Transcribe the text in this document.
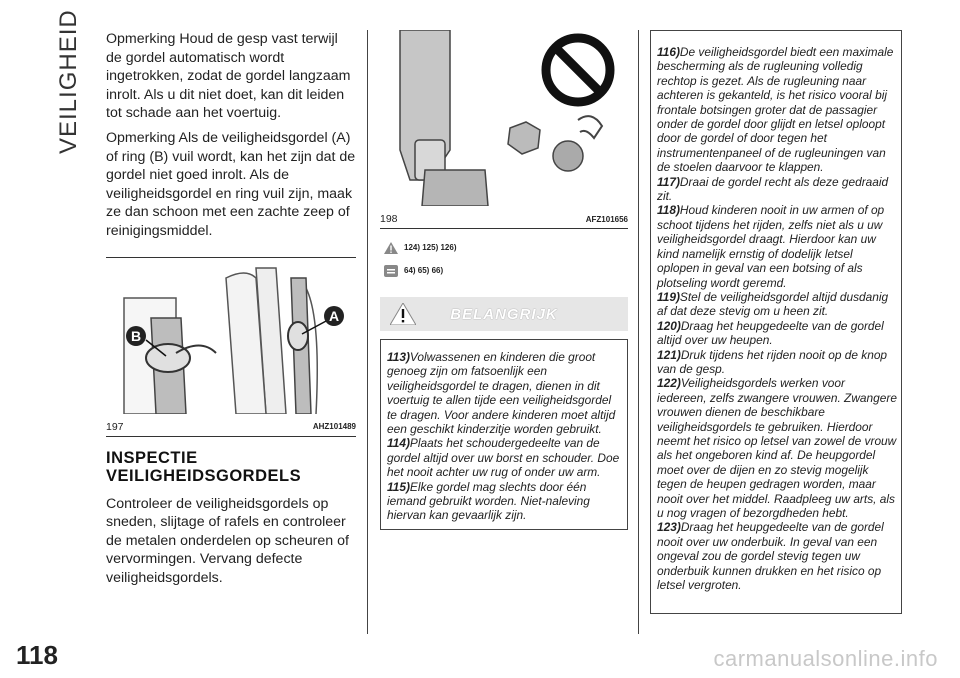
VEILIGHEID
118

Opmerking Houd de gesp vast terwijl de gordel automatisch wordt ingetrokken, zodat de gordel langzaam inrolt. Als u dit niet doet, kan dit leiden tot schade aan het voertuig.

Opmerking Als de veiligheidsgordel (A) of ring (B) vuil wordt, kan het zijn dat de gordel niet goed inrolt. Als de veiligheidsgordel en ring vuil zijn, maak ze dan schoon met een zachte zeep of reinigingsmiddel.

B
A
197	AHZ101489
INSPECTIE VEILIGHEIDSGORDELS

Controleer de veiligheidsgordels op sneden, slijtage of rafels en controleer de metalen onderdelen op scheuren of vervormingen. Vervang defecte veiligheidsgordels.

198	AFZ101656
124) 125) 126)
64) 65) 66)
BELANGRIJK

113)Volwassenen en kinderen die groot genoeg zijn om fatsoenlijk een veiligheidsgordel te dragen, dienen in dit voertuig te allen tijde een veiligheidsgordel te dragen. Voor andere kinderen moet altijd een geschikt kinderzitje worden gebruikt.

114)Plaats het schoudergedeelte van de gordel altijd over uw borst en schouder. Doe het nooit achter uw rug of onder uw arm.

115)Elke gordel mag slechts door één iemand gebruikt worden. Niet-naleving hiervan kan gevaarlijk zijn.

116)De veiligheidsgordel biedt een maximale bescherming als de rugleuning volledig rechtop is gezet. Als de rugleuning naar achteren is gekanteld, is het risico vooral bij frontale botsingen groter dat de passagier onder de gordel door glijdt en letsel oploopt door de gordel of door tegen het instrumentenpaneel of de rugleuningen van de stoelen daarvoor te klappen.

117)Draai de gordel recht als deze gedraaid zit.

118)Houd kinderen nooit in uw armen of op schoot tijdens het rijden, zelfs niet als u uw veiligheidsgordel draagt. Hierdoor kan uw kind namelijk ernstig of dodelijk letsel oplopen in geval van een botsing of als plotseling wordt geremd.

119)Stel de veiligheidsgordel altijd dusdanig af dat deze stevig om u heen zit.

120)Draag het heupgedeelte van de gordel altijd over uw heupen.

121)Druk tijdens het rijden nooit op de knop van de gesp.

122)Veiligheidsgordels werken voor iedereen, zelfs zwangere vrouwen. Zwangere vrouwen dienen de beschikbare veiligheidsgordels te gebruiken. Hierdoor neemt het risico op letsel van zowel de vrouw als het ongeboren kind af. De heupgordel moet over de dijen en zo stevig mogelijk tegen de heupen gedragen worden, maar nooit over het middel. Raadpleeg uw arts, als u nog vragen of bezorgdheden hebt.

123)Draag het heupgedeelte van de gordel nooit over uw onderbuik. In geval van een ongeval zou de gordel stevig tegen uw onderbuik kunnen drukken en het risico op letsel vergroten.

carmanualsonline.info
